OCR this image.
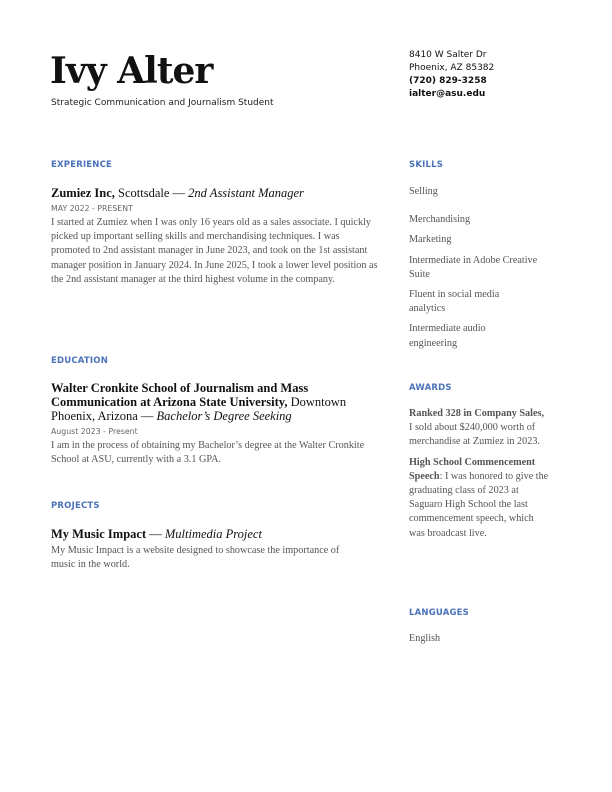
Ivy Alter
Strategic Communication and Journalism Student
8410 W Salter Dr
Phoenix, AZ 85382
(720) 829-3258
ialter@asu.edu
EXPERIENCE
Zumiez Inc, Scottsdale — 2nd Assistant Manager
MAY 2022 - PRESENT
I started at Zumiez when I was only 16 years old as a sales associate. I quickly picked up important selling skills and merchandising techniques. I was promoted to 2nd assistant manager in June 2023, and took on the 1st assistant manager position in January 2024. In June 2025, I took a lower level position as the 2nd assistant manager at the third highest volume in the company.
EDUCATION
Walter Cronkite School of Journalism and Mass Communication at Arizona State University, Downtown Phoenix, Arizona — Bachelor’s Degree Seeking
August 2023 - Present
I am in the process of obtaining my Bachelor’s degree at the Walter Cronkite School at ASU, currently with a 3.1 GPA.
PROJECTS
My Music Impact — Multimedia Project
My Music Impact is a website designed to showcase the importance of music in the world.
SKILLS
Selling
Merchandising
Marketing
Intermediate in Adobe Creative Suite
Fluent in social media analytics
Intermediate audio engineering
AWARDS
Ranked 328 in Company Sales, I sold about $240,000 worth of merchandise at Zumiez in 2023.
High School Commencement Speech: I was honored to give the graduating class of 2023 at Saguaro High School the last commencement speech, which was broadcast live.
LANGUAGES
English
